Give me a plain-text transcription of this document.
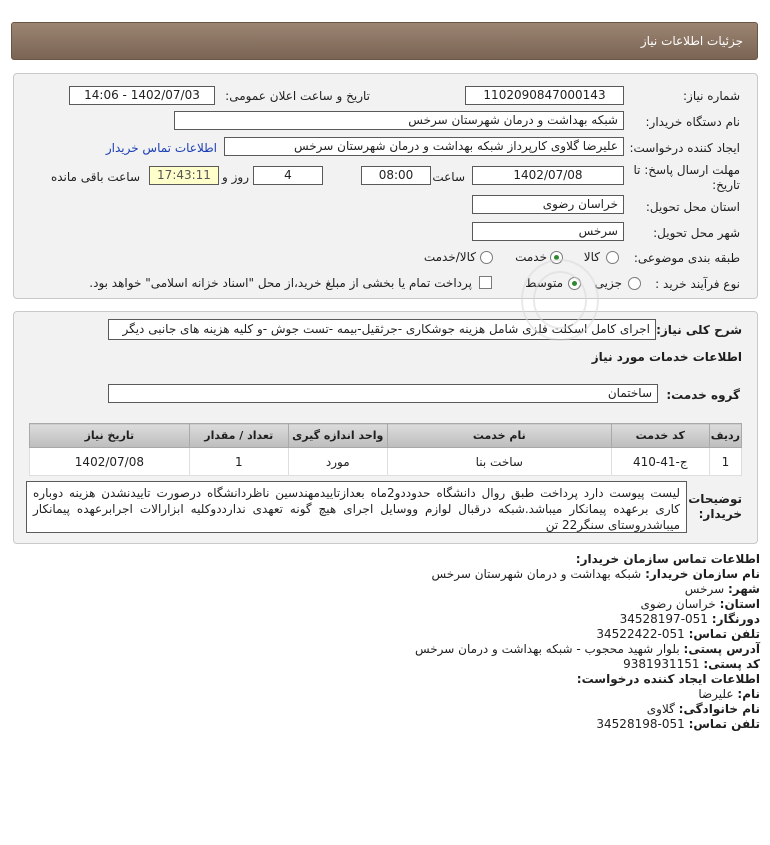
جزئیات اطلاعات نیاز
شماره نیاز:
1102090847000143
تاریخ و ساعت اعلان عمومی:
1402/07/03 - 14:06
نام دستگاه خریدار:
شبکه بهداشت و درمان شهرستان سرخس
ایجاد کننده درخواست:
علیرضا گلاوی کارپرداز شبکه بهداشت و درمان شهرستان سرخس
اطلاعات تماس خریدار
مهلت ارسال پاسخ: تا
تاریخ:
1402/07/08
ساعت
08:00
4
روز و
17:43:11
ساعت باقی مانده
استان محل تحویل:
خراسان رضوی
شهر محل تحویل:
سرخس
طبقه بندی موضوعی:
کالا
خدمت
کالا/خدمت
نوع فرآیند خرید :
جزیی
متوسط
پرداخت تمام یا بخشی از مبلغ خرید،از محل "اسناد خزانه اسلامی" خواهد بود.
شرح کلی نیاز:
اجرای کامل اسکلت فلزی شامل هزینه جوشکاری -جرثقیل-بیمه -تست جوش -و کلیه هزینه های جانبی دیگر
اطلاعات خدمات مورد نیاز
گروه خدمت:
ساختمان
ردیف	کد خدمت	نام خدمت	واحد اندازه گیری	تعداد / مقدار	تاریخ نیاز
1	ج-41-410	ساخت بنا	مورد	1	1402/07/08
توضیحات
خریدار:
لیست پیوست دارد پرداخت طبق روال دانشگاه حدوددو2ماه بعدازتاییدمهندسین ناظردانشگاه درصورت تاییدنشدن هزینه دوباره کاری برعهده پیمانکار میباشد.شبکه درقبال لوازم ووسایل اجرای هیچ گونه تعهدی ندارددوکلیه ابزارالات اجرابرعهده پیمانکار میباشدروستای سنگر22 تن
اطلاعات تماس سازمان خریدار:
نام سازمان خریدار: شبکه بهداشت و درمان شهرستان سرخس
شهر: سرخس
استان: خراسان رضوی
دورنگار: 051-34528197
تلفن تماس: 051-34522422
آدرس پستی: بلوار شهید محجوب - شبکه بهداشت و درمان سرخس
کد پستی: 9381931151
اطلاعات ایجاد کننده درخواست:
نام: علیرضا
نام خانوادگی: گلاوی
تلفن تماس: 051-34528198
